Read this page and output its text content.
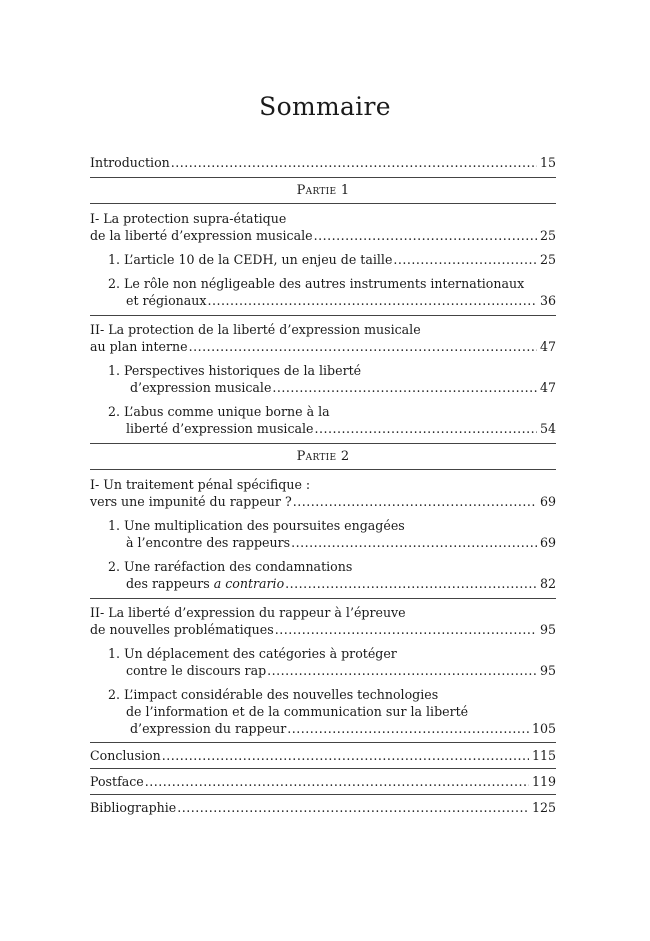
Sommaire
Introduction .....	15
Partie 1
I- La protection supra-étatique
de la liberté d’expression musicale .....	25
1. L’article 10 de la CEDH, un enjeu de taille .....	25
2. Le rôle non négligeable des autres instruments internationaux
et régionaux .....	36
II- La protection de la liberté d’expression musicale
au plan interne .....	47
1. Perspectives historiques de la liberté
d’expression musicale .....	47
2. L’abus comme unique borne à la
liberté d’expression musicale .....	54
Partie 2
I- Un traitement pénal spécifique :
vers une impunité du rappeur ? .....	69
1. Une multiplication des poursuites engagées
à l’encontre des rappeurs .....	69
2. Une raréfaction des condamnations
des rappeurs a contrario .....	82
II- La liberté d’expression du rappeur à l’épreuve
de nouvelles problématiques .....	95
1. Un déplacement des catégories à protéger
contre le discours rap .....	95
2. L’impact considérable des nouvelles technologies
de l’information et de la communication sur la liberté
d’expression du rappeur .....	105
Conclusion .....	115
Postface .....	119
Bibliographie .....	125
